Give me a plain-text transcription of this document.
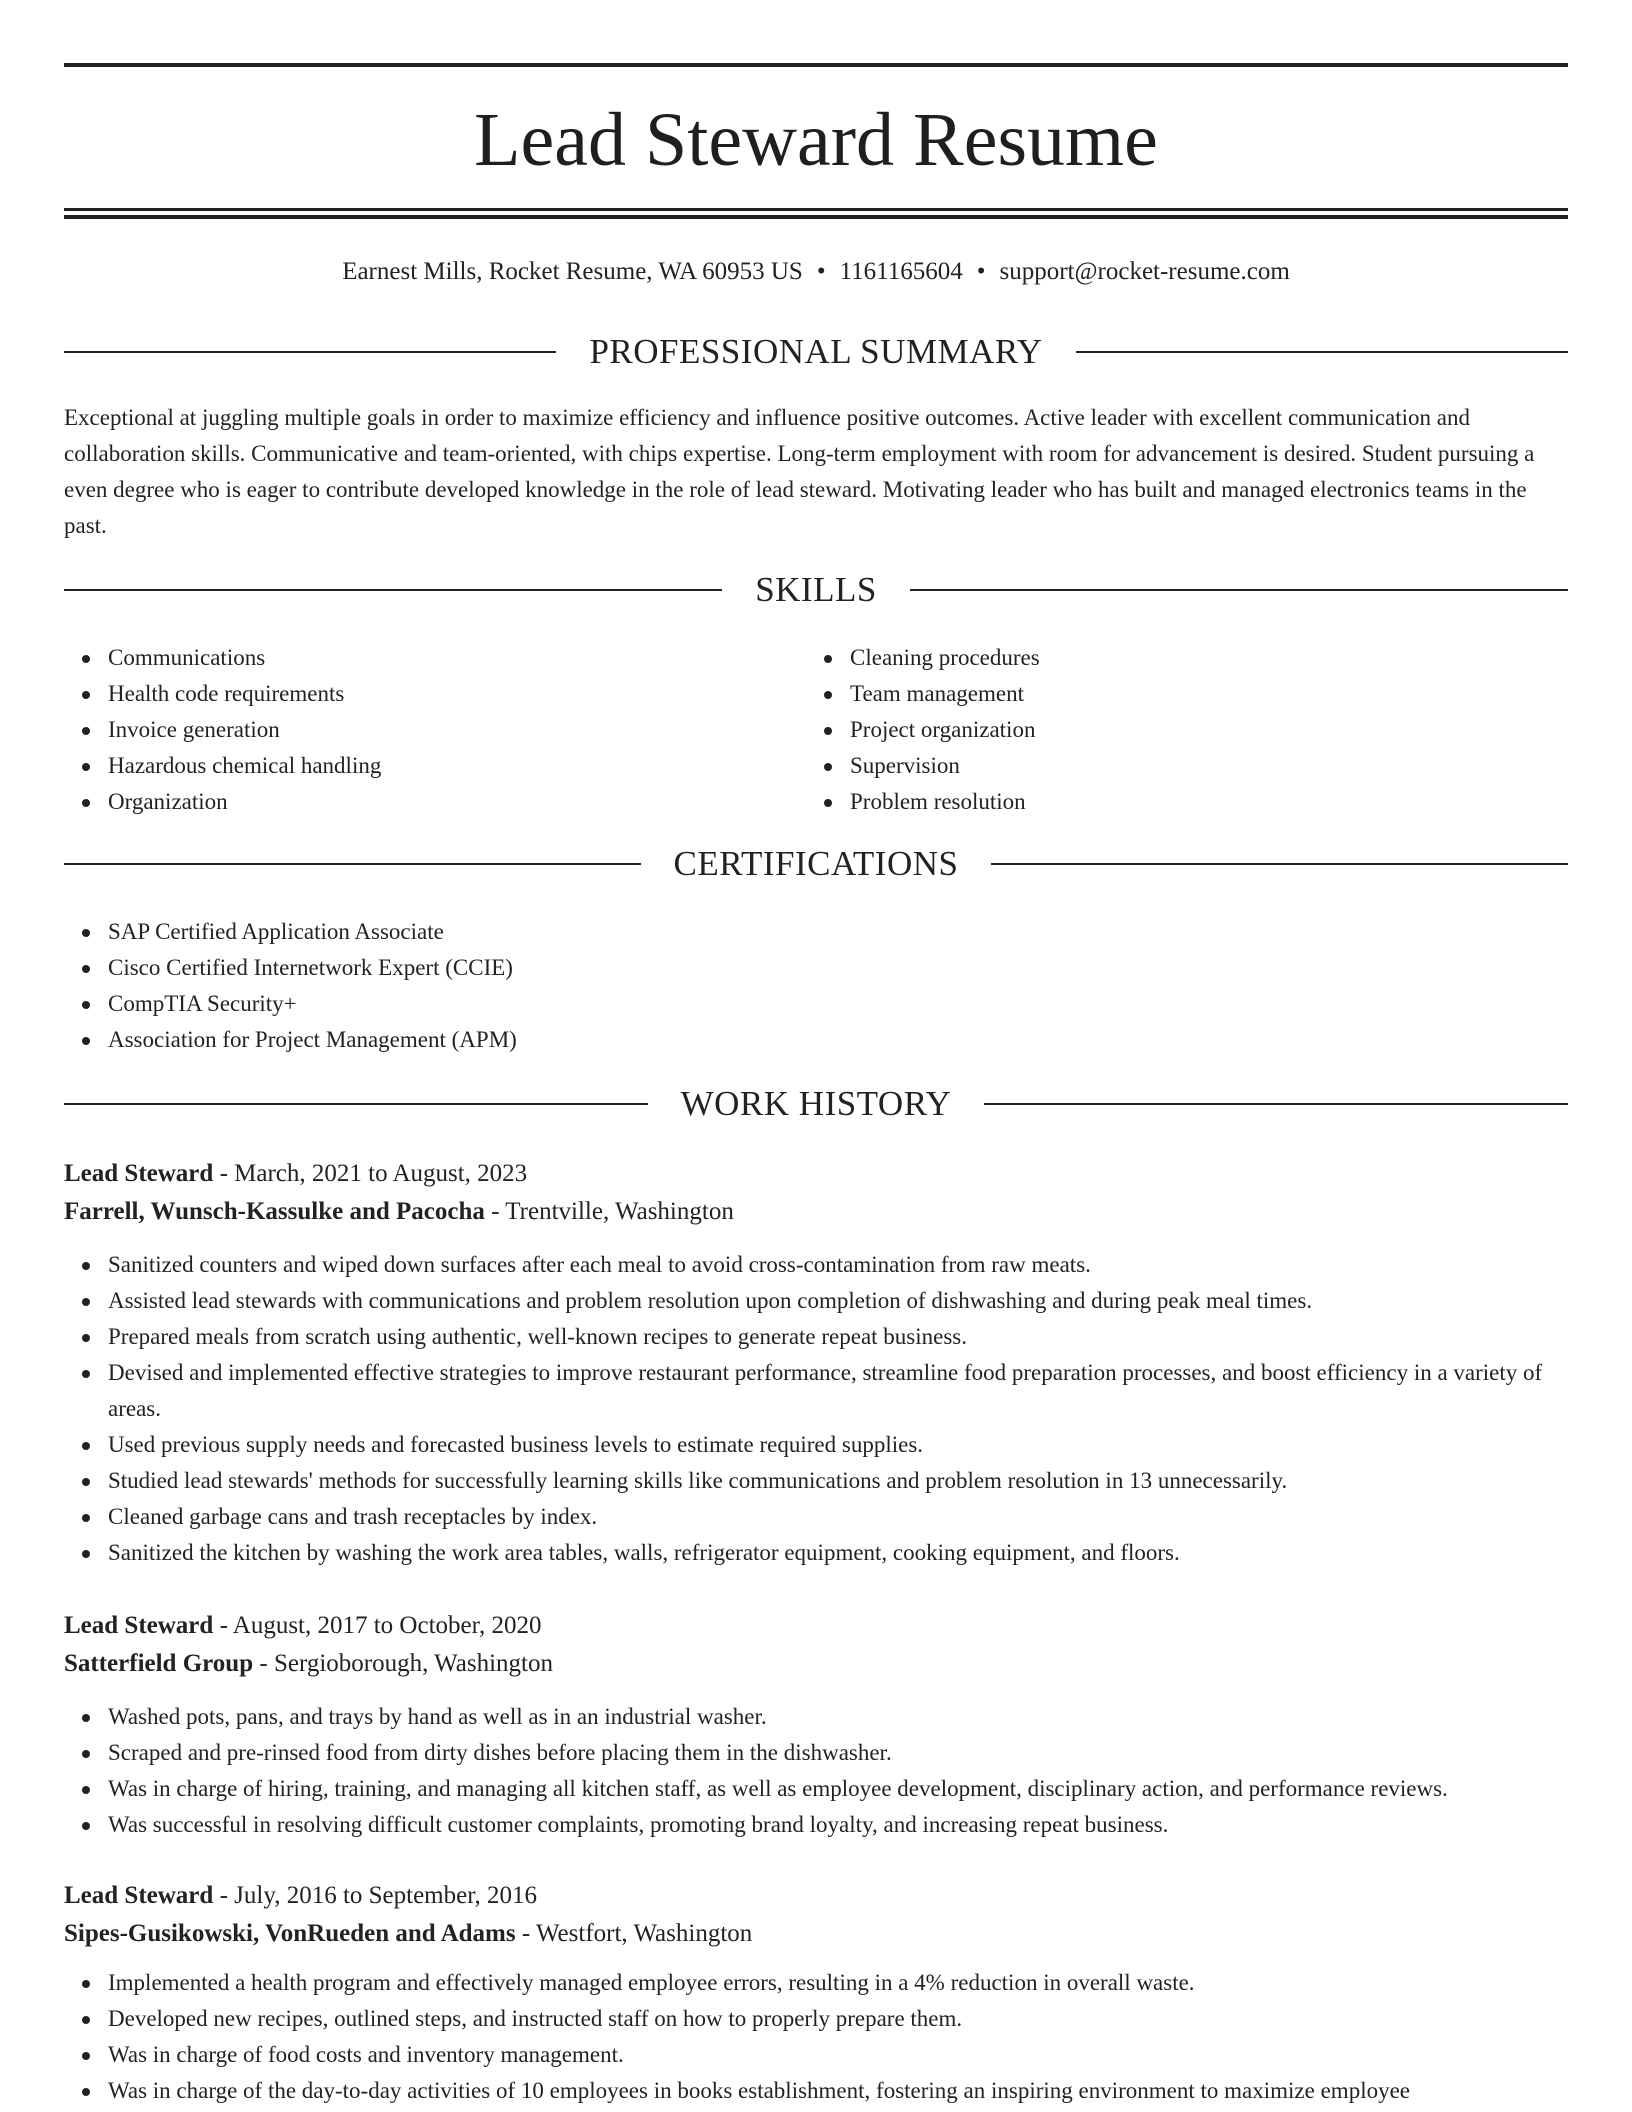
Lead Steward Resume
Earnest Mills, Rocket Resume, WA 60953 US • 1161165604 • support@rocket-resume.com
PROFESSIONAL SUMMARY

Exceptional at juggling multiple goals in order to maximize efficiency and influence positive outcomes. Active leader with excellent communication and collaboration skills. Communicative and team-oriented, with chips expertise. Long-term employment with room for advancement is desired. Student pursuing a even degree who is eager to contribute developed knowledge in the role of lead steward. Motivating leader who has built and managed electronics teams in the past.

SKILLS
Communications
Health code requirements
Invoice generation
Hazardous chemical handling
Organization
Cleaning procedures
Team management
Project organization
Supervision
Problem resolution
CERTIFICATIONS
SAP Certified Application Associate
Cisco Certified Internetwork Expert (CCIE)
CompTIA Security+
Association for Project Management (APM)
WORK HISTORY
Lead Steward - March, 2021 to August, 2023
Farrell, Wunsch-Kassulke and Pacocha - Trentville, Washington
Sanitized counters and wiped down surfaces after each meal to avoid cross-contamination from raw meats.
Assisted lead stewards with communications and problem resolution upon completion of dishwashing and during peak meal times.
Prepared meals from scratch using authentic, well-known recipes to generate repeat business.
Devised and implemented effective strategies to improve restaurant performance, streamline food preparation processes, and boost efficiency in a variety of areas.
Used previous supply needs and forecasted business levels to estimate required supplies.
Studied lead stewards' methods for successfully learning skills like communications and problem resolution in 13 unnecessarily.
Cleaned garbage cans and trash receptacles by index.
Sanitized the kitchen by washing the work area tables, walls, refrigerator equipment, cooking equipment, and floors.
Lead Steward - August, 2017 to October, 2020
Satterfield Group - Sergioborough, Washington
Washed pots, pans, and trays by hand as well as in an industrial washer.
Scraped and pre-rinsed food from dirty dishes before placing them in the dishwasher.
Was in charge of hiring, training, and managing all kitchen staff, as well as employee development, disciplinary action, and performance reviews.
Was successful in resolving difficult customer complaints, promoting brand loyalty, and increasing repeat business.
Lead Steward - July, 2016 to September, 2016
Sipes-Gusikowski, VonRueden and Adams - Westfort, Washington
Implemented a health program and effectively managed employee errors, resulting in a 4% reduction in overall waste.
Developed new recipes, outlined steps, and instructed staff on how to properly prepare them.
Was in charge of food costs and inventory management.
Was in charge of the day-to-day activities of 10 employees in books establishment, fostering an inspiring environment to maximize employee
